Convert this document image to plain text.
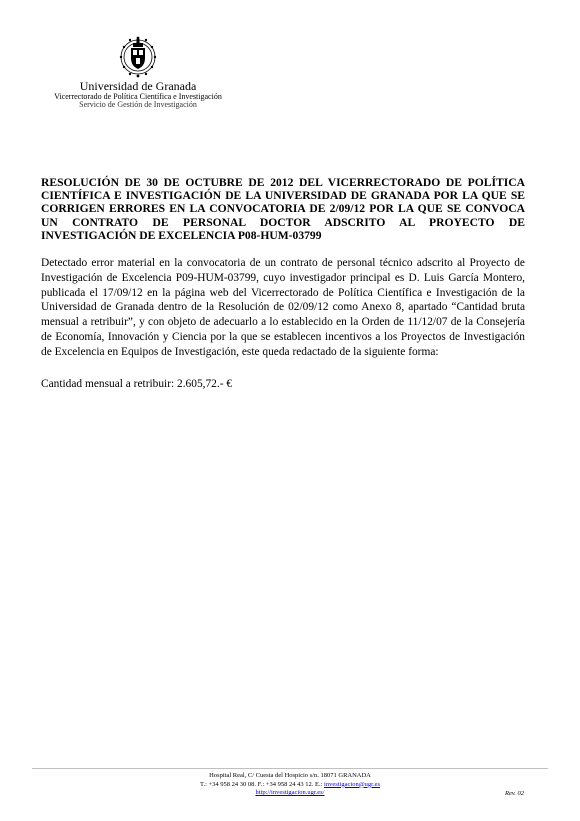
Universidad de Granada
Vicerrectorado de Política Científica e Investigación
Servicio de Gestión de Investigación
RESOLUCIÓN DE 30 DE OCTUBRE DE 2012 DEL VICERRECTORADO DE POLÍTICA CIENTÍFICA E INVESTIGACIÓN DE LA UNIVERSIDAD DE GRANADA POR LA QUE SE CORRIGEN ERRORES EN LA CONVOCATORIA DE 2/09/12 POR LA QUE SE CONVOCA UN CONTRATO DE PERSONAL DOCTOR ADSCRITO AL PROYECTO DE INVESTIGACIÓN DE EXCELENCIA P08-HUM-03799
Detectado error material en la convocatoria de un contrato de personal técnico adscrito al Proyecto de Investigación de Excelencia P09-HUM-03799, cuyo investigador principal es D. Luis García Montero, publicada el 17/09/12 en la página web del Vicerrectorado de Política Científica e Investigación de la Universidad de Granada dentro de la Resolución de 02/09/12 como Anexo 8, apartado “Cantidad bruta mensual a retribuir”, y con objeto de adecuarlo a lo establecido en la Orden de 11/12/07 de la Consejería de Economía, Innovación y Ciencia por la que se establecen incentivos a los Proyectos de Investigación de Excelencia en Equipos de Investigación, este queda redactado de la siguiente forma:
Cantidad mensual a retribuir: 2.605,72.- €
Hospital Real, C/ Cuesta del Hospicio s/n. 18071 GRANADA
T.: +34 958 24 30 08. F.: +34 958 24 43 12. E.: investigacion@ugr.es
http://investigacion.ugr.es/	Rev. 02
